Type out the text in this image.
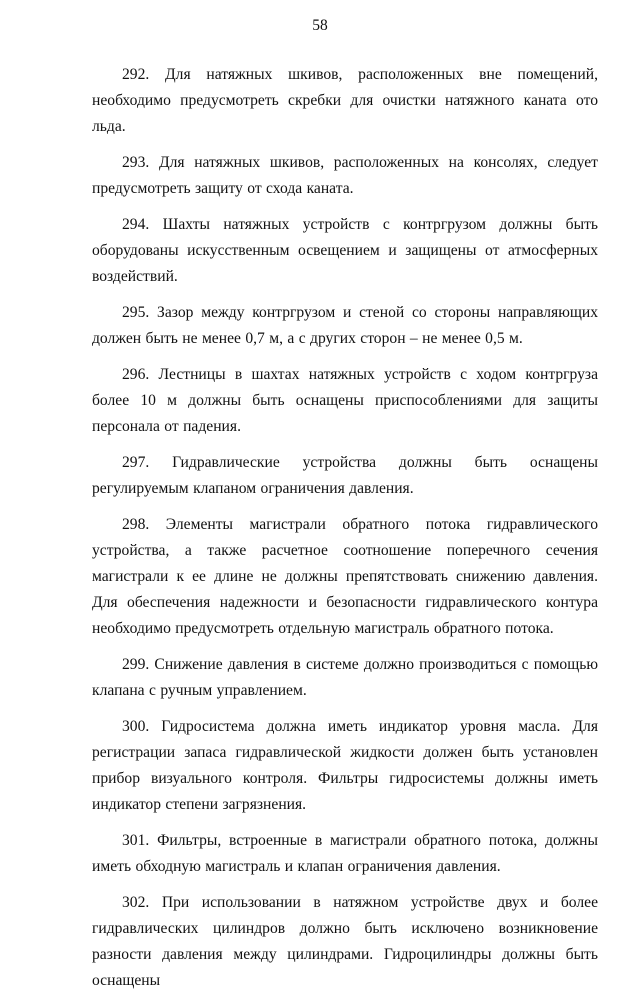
58

292. Для натяжных шкивов, расположенных вне помещений, необходимо предусмотреть скребки для очистки натяжного каната ото льда.

293. Для натяжных шкивов, расположенных на консолях, следует предусмотреть защиту от схода каната.

294. Шахты натяжных устройств с контргрузом должны быть оборудованы искусственным освещением и защищены от атмосферных воздействий.

295. Зазор между контргрузом и стеной со стороны направляющих должен быть не менее 0,7 м, а с других сторон – не менее 0,5 м.

296. Лестницы в шахтах натяжных устройств с ходом контргруза более 10 м должны быть оснащены приспособлениями для защиты персонала от падения.

297. Гидравлические устройства должны быть оснащены регулируемым клапаном ограничения давления.

298. Элементы магистрали обратного потока гидравлического устройства, а также расчетное соотношение поперечного сечения магистрали к ее длине не должны препятствовать снижению давления. Для обеспечения надежности и безопасности гидравлического контура необходимо предусмотреть отдельную магистраль обратного потока.

299. Снижение давления в системе должно производиться с помощью клапана с ручным управлением.

300. Гидросистема должна иметь индикатор уровня масла. Для регистрации запаса гидравлической жидкости должен быть установлен прибор визуального контроля. Фильтры гидросистемы должны иметь индикатор степени загрязнения.

301. Фильтры, встроенные в магистрали обратного потока, должны иметь обходную магистраль и клапан ограничения давления.

302. При использовании в натяжном устройстве двух и более гидравлических цилиндров должно быть исключено возникновение разности давления между цилиндрами. Гидроцилиндры должны быть оснащены
